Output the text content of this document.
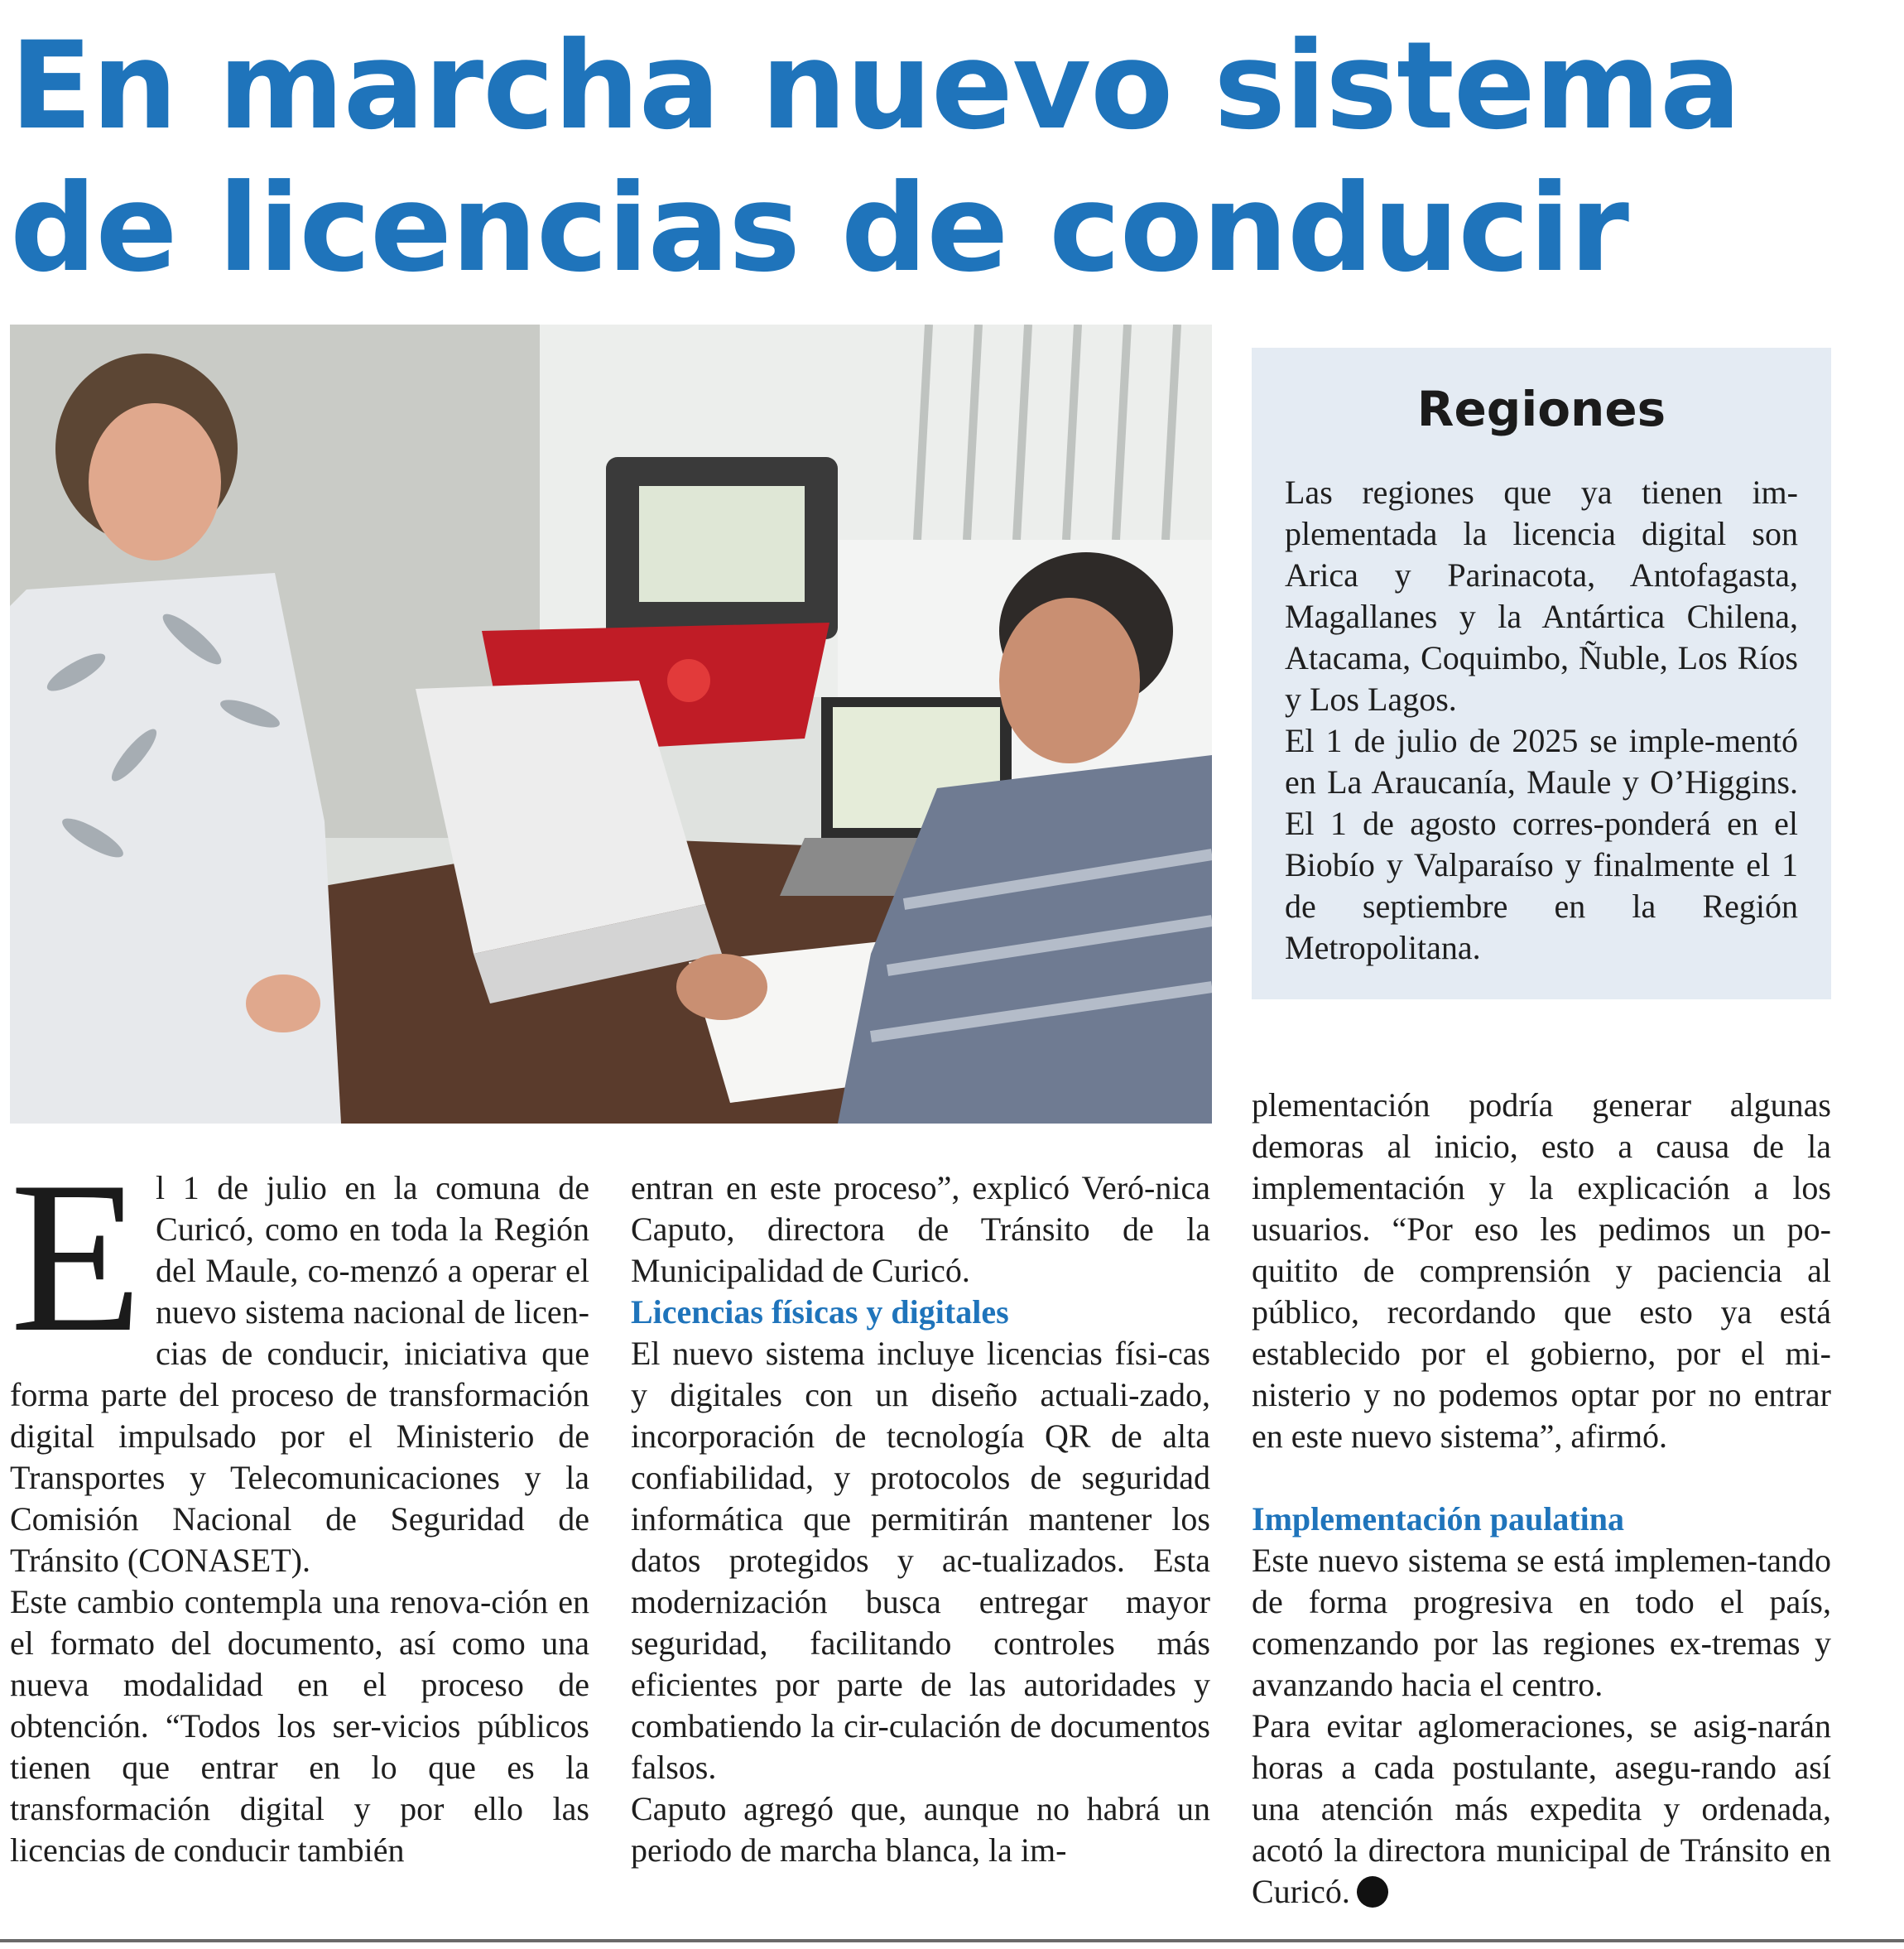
En marcha nuevo sistema
de licencias de conducir
Regiones

Las regiones que ya tienen im-plementada la licencia digital son Arica y Parinacota, Antofagasta, Magallanes y la Antártica Chilena, Atacama, Coquimbo, Ñuble, Los Ríos y Los Lagos.

El 1 de julio de 2025 se imple-mentó en La Araucanía, Maule y O’Higgins. El 1 de agosto corres-ponderá en el Biobío y Valparaíso y finalmente el 1 de septiembre en la Región Metropolitana.

El 1 de julio en la comuna de Curicó, como en toda la Región del Maule, co-menzó a operar el nuevo sistema nacional de licen-cias de conducir, iniciativa que forma parte del proceso de transformación digital impulsado por el Ministerio de Transportes y Telecomunicaciones y la Comisión Nacional de Seguridad de Tránsito (CONASET).

Este cambio contempla una renova-ción en el formato del documento, así como una nueva modalidad en el proceso de obtención. “Todos los ser-vicios públicos tienen que entrar en lo que es la transformación digital y por ello las licencias de conducir también

entran en este proceso”, explicó Veró-nica Caputo, directora de Tránsito de la Municipalidad de Curicó.

Licencias físicas y digitales

El nuevo sistema incluye licencias físi-cas y digitales con un diseño actuali-zado, incorporación de tecnología QR de alta confiabilidad, y protocolos de seguridad informática que permitirán mantener los datos protegidos y ac-tualizados. Esta modernización busca entregar mayor seguridad, facilitando controles más eficientes por parte de las autoridades y combatiendo la cir-culación de documentos falsos.

Caputo agregó que, aunque no habrá un periodo de marcha blanca, la im-

plementación podría generar algunas demoras al inicio, esto a causa de la implementación y la explicación a los usuarios. “Por eso les pedimos un po-quitito de comprensión y paciencia al público, recordando que esto ya está establecido por el gobierno, por el mi-nisterio y no podemos optar por no entrar en este nuevo sistema”, afirmó.

Implementación paulatina

Este nuevo sistema se está implemen-tando de forma progresiva en todo el país, comenzando por las regiones ex-tremas y avanzando hacia el centro.

Para evitar aglomeraciones, se asig-narán horas a cada postulante, asegu-rando así una atención más expedita y ordenada, acotó la directora municipal de Tránsito en Curicó.
